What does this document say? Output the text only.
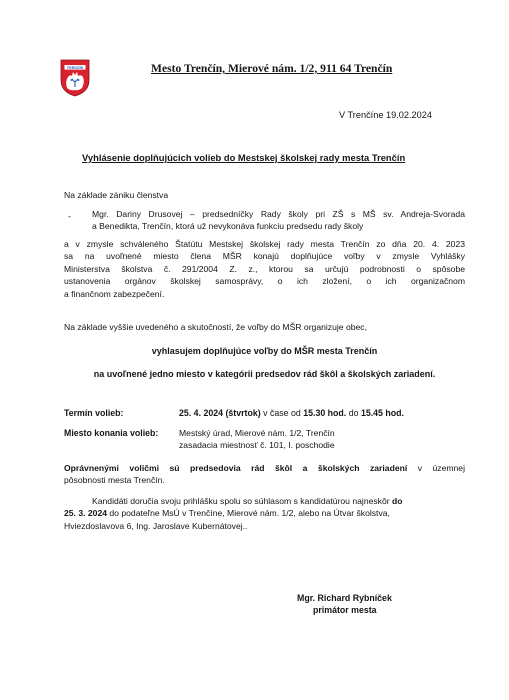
TRENČÍN	Mesto Trenčín, Mierové nám. 1/2, 911 64 Trenčín
V Trenčíne 19.02.2024
Vyhlásenie doplňujúcich volieb do Mestskej školskej rady mesta Trenčín
Na základe zániku členstva
- Mgr. Dariny Drusovej – predsedníčky Rady školy pri ZŠ s MŠ sv. Andreja-Svorada
a Benedikta, Trenčín, ktorá už nevykonáva funkciu predsedu rady školy
a v zmysle schváleného Štatútu Mestskej školskej rady mesta Trenčín zo dňa 20. 4. 2023
sa na uvoľnené miesto člena MŠR konajú doplňujúce voľby v zmysle Vyhlášky
Ministerstva školstva č. 291/2004 Z. z., ktorou sa určujú podrobnosti o spôsobe
ustanovenia orgánov školskej samosprávy, o ich zložení, o ich organizačnom
a finančnom zabezpečení.
Na základe vyššie uvedeného a skutočností, že voľby do MŠR organizuje obec,
vyhlasujem doplňujúce voľby do MŠR mesta Trenčín
na uvoľnené jedno miesto v kategórii predsedov rád škôl a školských zariadení.
Termín volieb:	25. 4. 2024 (štvrtok) v čase od 15.30 hod. do 15.45 hod.
Miesto konania volieb: Mestský úrad, Mierové nám. 1/2, Trenčín
zasadacia miestnosť č. 101, I. poschodie
Oprávnenými voličmi sú predsedovia rád škôl a školských zariadení v územnej
pôsobnosti mesta Trenčín.
Kandidáti doručia svoju prihlášku spolu so súhlasom s kandidatúrou najneskôr do
25. 3. 2024 do podateľne MsÚ v Trenčíne, Mierové nám. 1/2, alebo na Útvar školstva,
Hviezdoslavova 6, Ing. Jaroslave Kubernátovej..
Mgr. Richard Rybníček
primátor mesta
